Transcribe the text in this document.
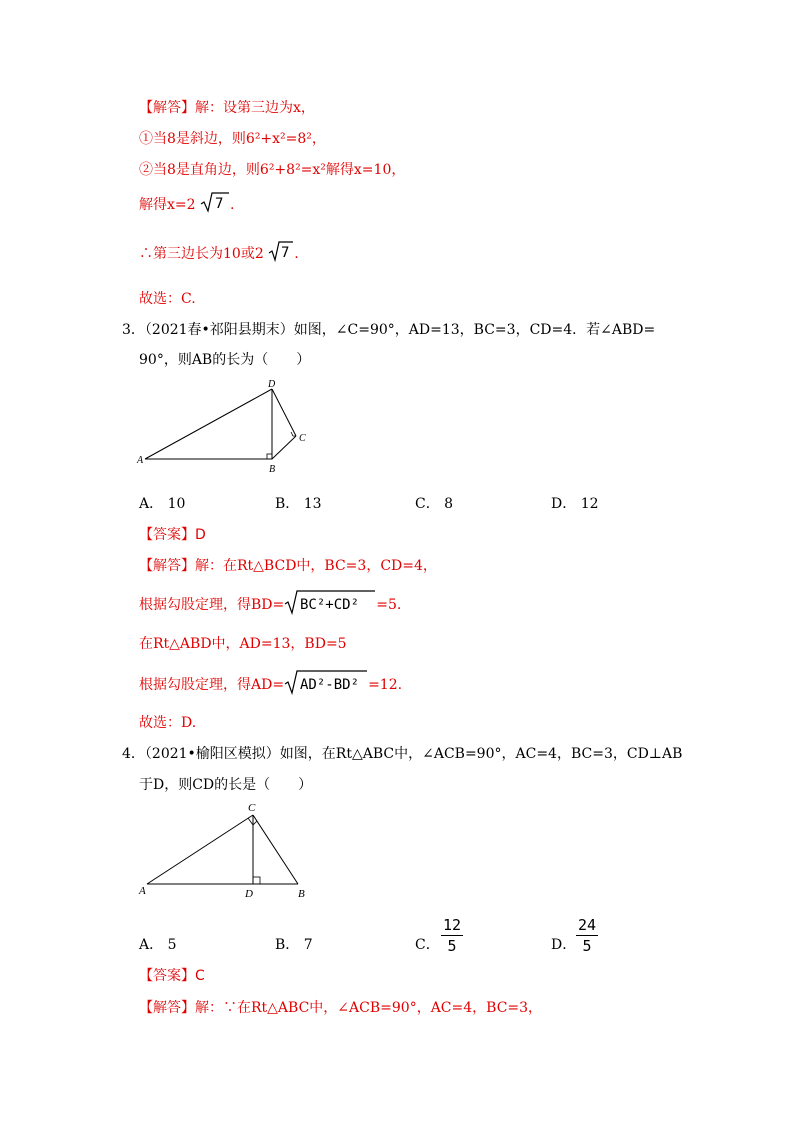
【解答】解：设第三边为x，
①当8是斜边，则6²+x²=8²，
②当8是直角边，则6²+8²=x²解得x=10，
解得x=2 7 .
∴第三边长为10或2 7 .
故选：C.
3．（2021春•祁阳县期末）如图，∠C=90°，AD=13，BC=3，CD=4．若∠ABD=
90°，则AB的长为（　　）
A
B
C
D
A． 10	B． 13	C． 8	D． 12
【答案】D
【解答】解：在Rt△BCD中，BC=3，CD=4，
根据勾股定理，得BD= BC²+CD² =5.
在Rt△ABD中，AD=13，BD=5
根据勾股定理，得AD= AD²-BD² =12.
故选：D.
4．（2021•榆阳区模拟）如图，在Rt△ABC中，∠ACB=90°，AC=4，BC=3，CD⊥AB
于D，则CD的长是（　　）
A	D	B
C
A． 5	B． 7	C．
12
5	D．
24
5
【答案】C
【解答】解：∵在Rt△ABC中，∠ACB=90°，AC=4，BC=3，
